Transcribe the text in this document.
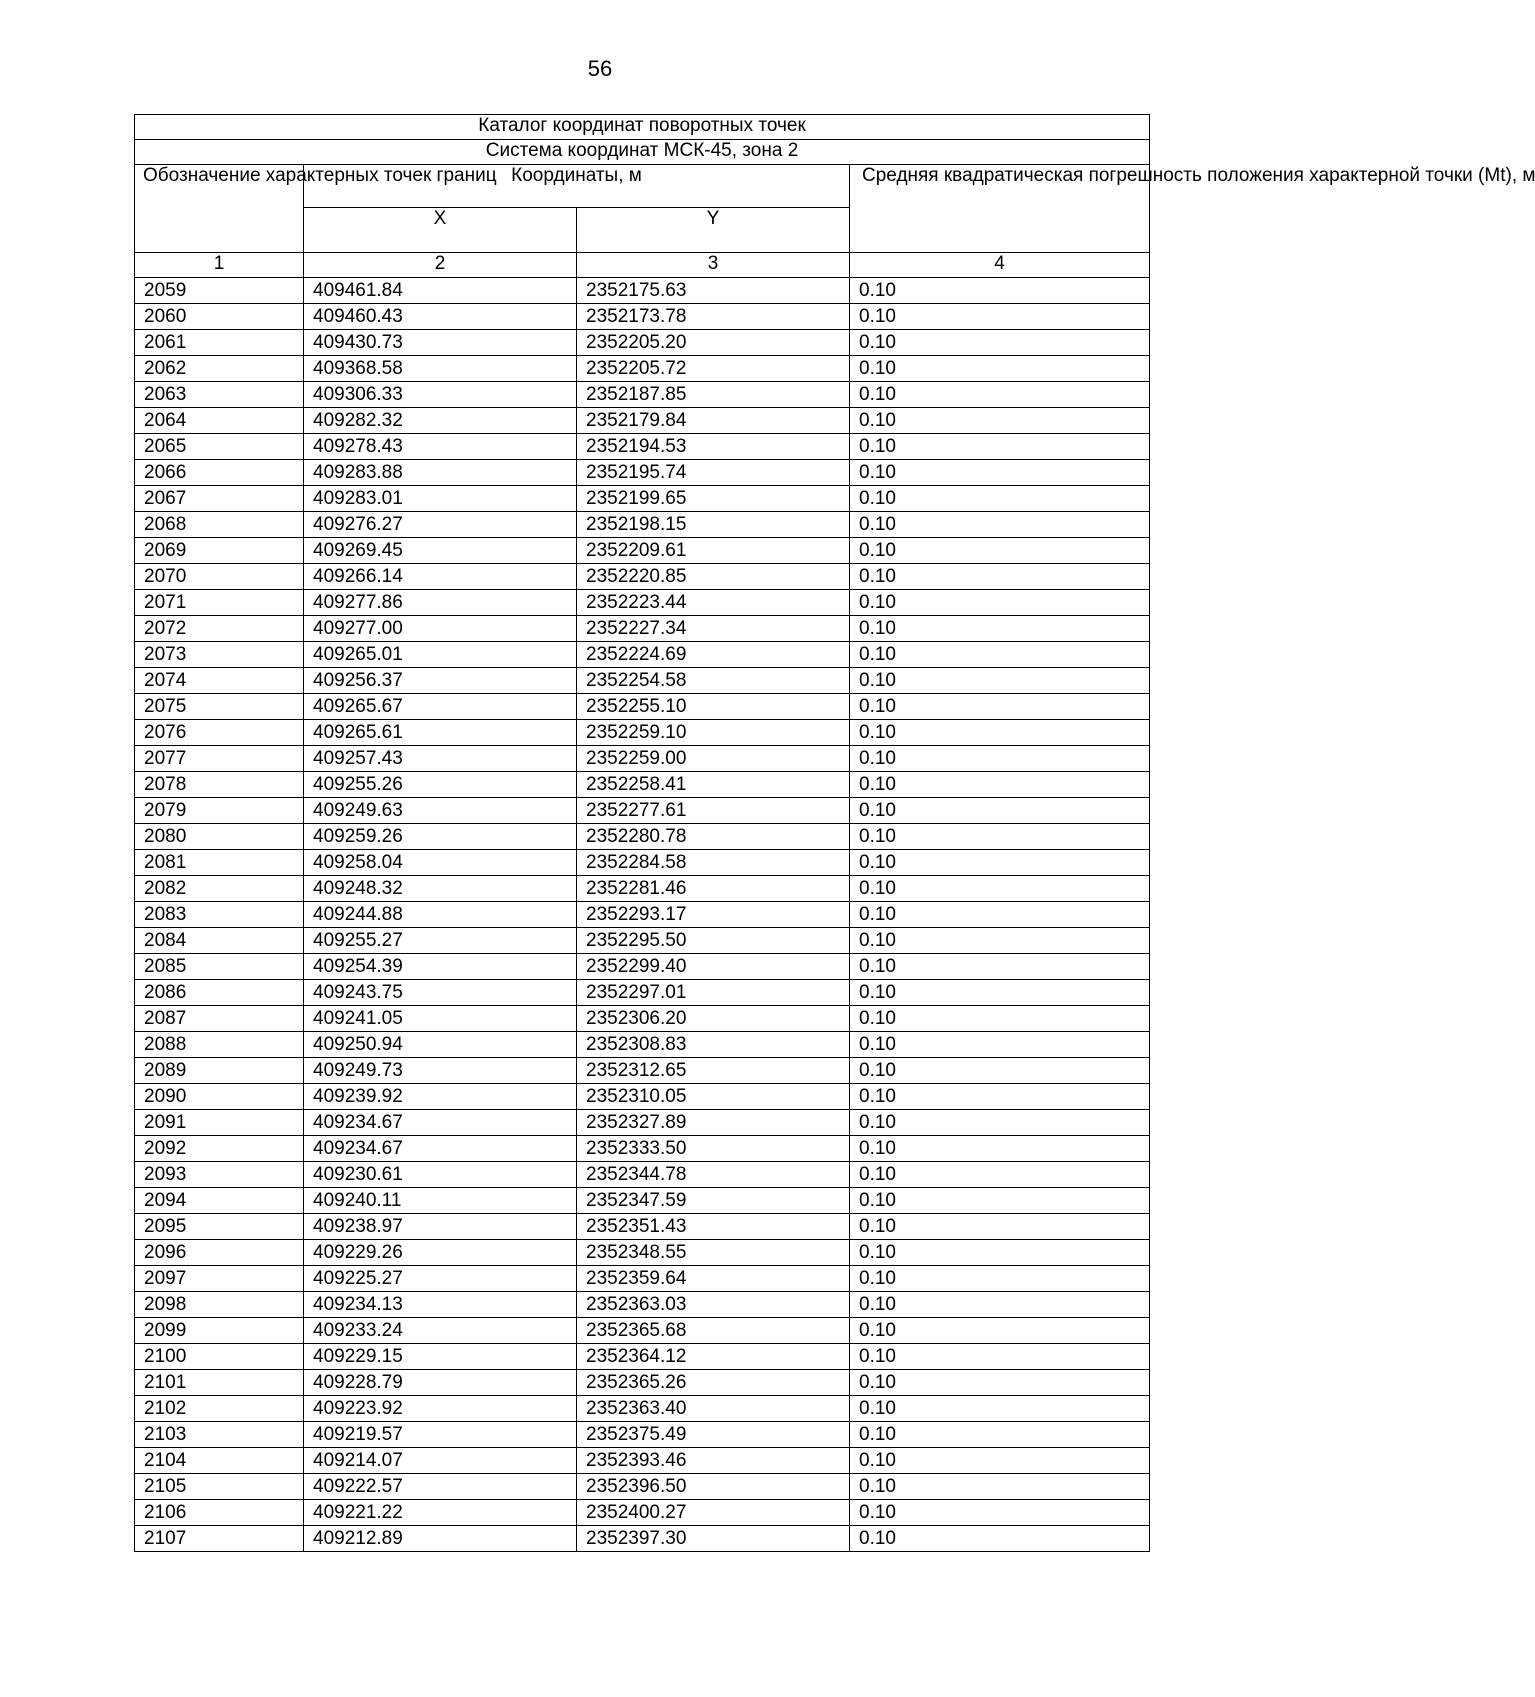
56
Каталог координат поворотных точек			
Система координат МСК-45, зона 2			
Обозначение характерных точек границ	Координаты, м		Средняя квадратическая погрешность положения характерной точки (Mt), м
	X	Y	
1	2	3	4
2059	409461.84	2352175.63	0.10
2060	409460.43	2352173.78	0.10
2061	409430.73	2352205.20	0.10
2062	409368.58	2352205.72	0.10
2063	409306.33	2352187.85	0.10
2064	409282.32	2352179.84	0.10
2065	409278.43	2352194.53	0.10
2066	409283.88	2352195.74	0.10
2067	409283.01	2352199.65	0.10
2068	409276.27	2352198.15	0.10
2069	409269.45	2352209.61	0.10
2070	409266.14	2352220.85	0.10
2071	409277.86	2352223.44	0.10
2072	409277.00	2352227.34	0.10
2073	409265.01	2352224.69	0.10
2074	409256.37	2352254.58	0.10
2075	409265.67	2352255.10	0.10
2076	409265.61	2352259.10	0.10
2077	409257.43	2352259.00	0.10
2078	409255.26	2352258.41	0.10
2079	409249.63	2352277.61	0.10
2080	409259.26	2352280.78	0.10
2081	409258.04	2352284.58	0.10
2082	409248.32	2352281.46	0.10
2083	409244.88	2352293.17	0.10
2084	409255.27	2352295.50	0.10
2085	409254.39	2352299.40	0.10
2086	409243.75	2352297.01	0.10
2087	409241.05	2352306.20	0.10
2088	409250.94	2352308.83	0.10
2089	409249.73	2352312.65	0.10
2090	409239.92	2352310.05	0.10
2091	409234.67	2352327.89	0.10
2092	409234.67	2352333.50	0.10
2093	409230.61	2352344.78	0.10
2094	409240.11	2352347.59	0.10
2095	409238.97	2352351.43	0.10
2096	409229.26	2352348.55	0.10
2097	409225.27	2352359.64	0.10
2098	409234.13	2352363.03	0.10
2099	409233.24	2352365.68	0.10
2100	409229.15	2352364.12	0.10
2101	409228.79	2352365.26	0.10
2102	409223.92	2352363.40	0.10
2103	409219.57	2352375.49	0.10
2104	409214.07	2352393.46	0.10
2105	409222.57	2352396.50	0.10
2106	409221.22	2352400.27	0.10
2107	409212.89	2352397.30	0.10
